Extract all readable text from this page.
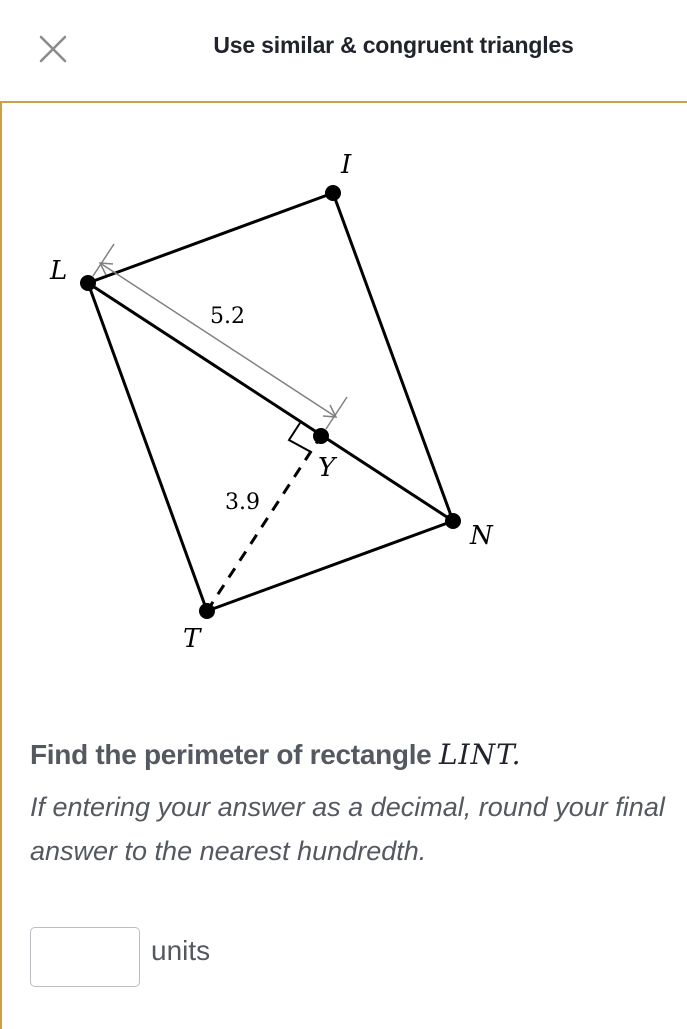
Use similar & congruent triangles
L
I
N
T
Y
5.2
3.9
Find the perimeter of rectangle LINT.
If entering your answer as a decimal, round your final answer to the nearest hundredth.
units
